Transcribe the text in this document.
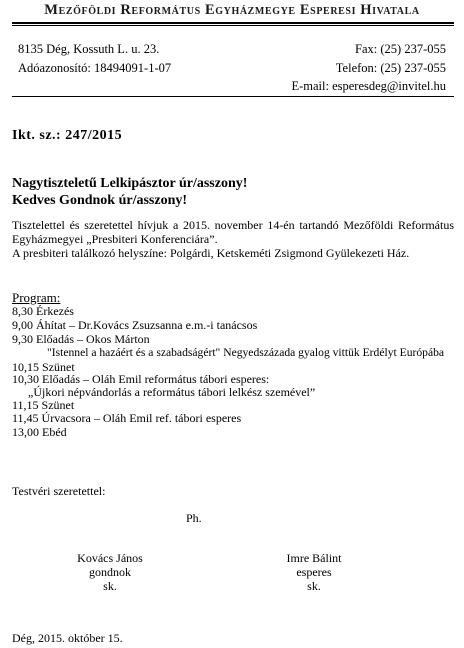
Mezőföldi Református Egyházmegye Esperesi Hivatala
8135 Dég, Kossuth L. u. 23.
Adóazonosító: 18494091-1-07
Fax: (25) 237-055
Telefon: (25) 237-055
E-mail: esperesdeg@invitel.hu
Ikt. sz.: 247/2015
Nagytiszteletű Lelkipásztor úr/asszony!
Kedves Gondnok úr/asszony!
Tisztelettel és szeretettel hívjuk a 2015. november 14-én tartandó Mezőföldi Református
Egyházmegyei „Presbiteri Konferenciára”.
A presbiteri találkozó helyszíne: Polgárdi, Ketskeméti Zsigmond Gyülekezeti Ház.
Program:
8,30 Érkezés
9,00 Áhítat – Dr.Kovács Zsuzsanna e.m.-i tanácsos
9,30 Előadás – Okos Márton
"Istennel a hazáért és a szabadságért" Negyedszázada gyalog vittük Erdélyt Európába
10,15 Szünet
10,30 Előadás – Oláh Emil református tábori esperes:
„Újkori népvándorlás a református tábori lelkész szemével”
11,15 Szünet
11,45 Úrvacsora – Oláh Emil ref. tábori esperes
13,00 Ebéd
Testvéri szeretettel:
Ph.
Kovács János
gondnok
sk.
Imre Bálint
esperes
sk.
Dég, 2015. október 15.
